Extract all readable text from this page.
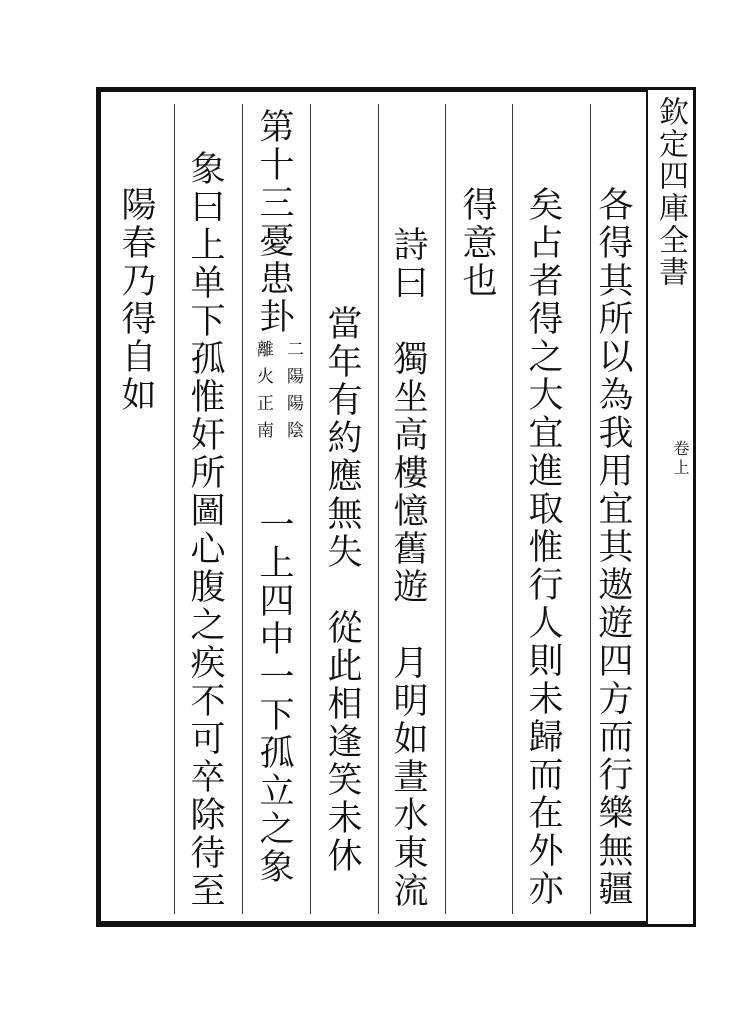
欽定四庫全書
卷上
各得其所以為我用宜其遨遊四方而行樂無疆
矣占者得之大宜進取惟行人則未歸而在外亦
得意也
詩曰　獨坐高樓憶舊遊　月明如晝水東流
當年有約應無失　從此相逢笑未休
第十三憂患卦
二陽陽陰
離火正南
一上四中一下孤立之象
象曰上单下孤惟奸所圖心腹之疾不可卒除待至
陽春乃得自如
